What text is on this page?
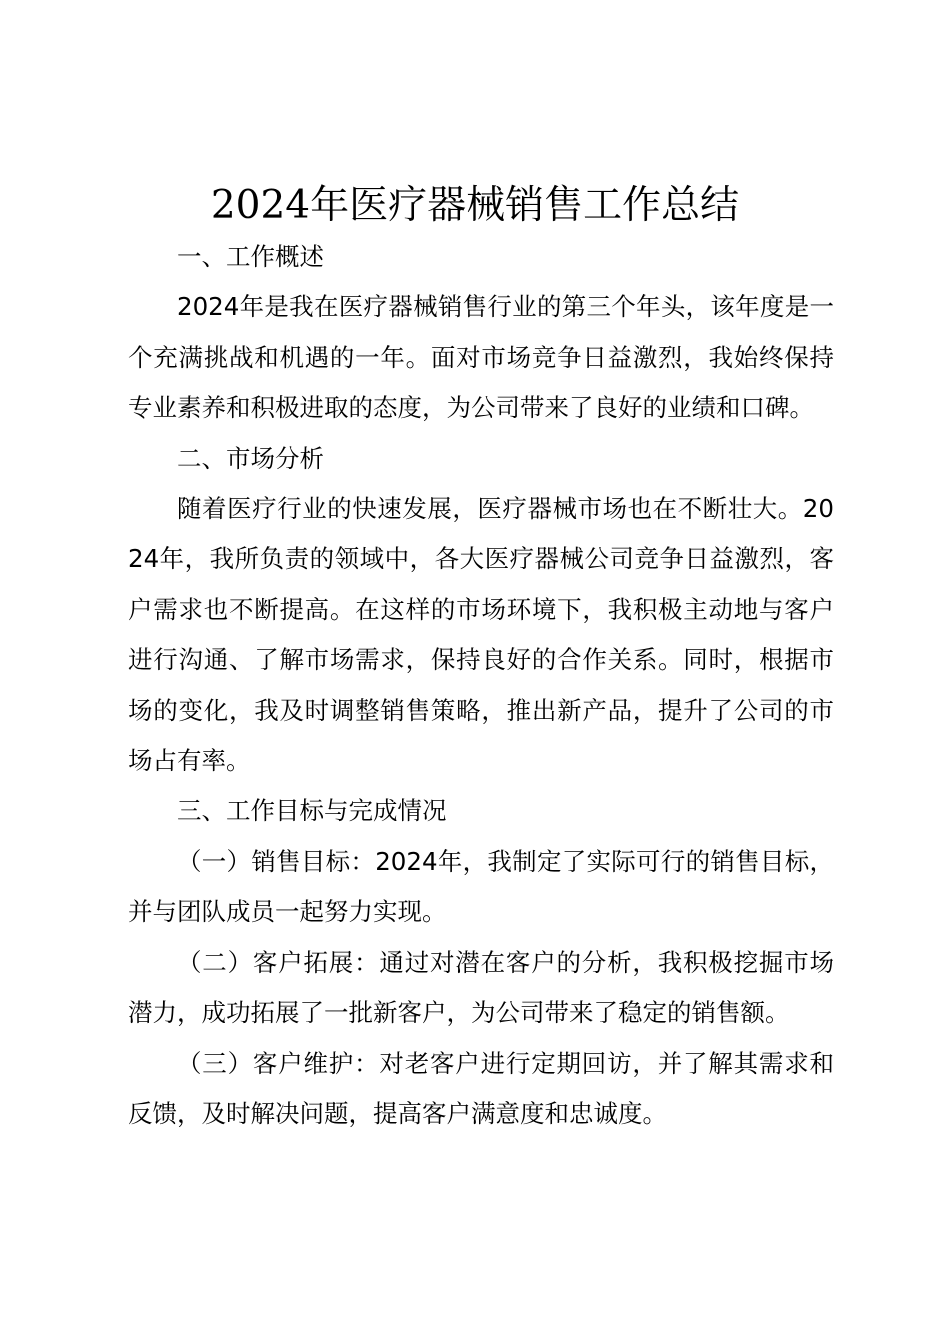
2024年医疗器械销售工作总结

一、工作概述

2024年是我在医疗器械销售行业的第三个年头，该年度是一个充满挑战和机遇的一年。面对市场竞争日益激烈，我始终保持专业素养和积极进取的态度，为公司带来了良好的业绩和口碑。

二、市场分析

随着医疗行业的快速发展，医疗器械市场也在不断壮大。2024年，我所负责的领域中，各大医疗器械公司竞争日益激烈，客户需求也不断提高。在这样的市场环境下，我积极主动地与客户进行沟通、了解市场需求，保持良好的合作关系。同时，根据市场的变化，我及时调整销售策略，推出新产品，提升了公司的市场占有率。

三、工作目标与完成情况

（一）销售目标：2024年，我制定了实际可行的销售目标，并与团队成员一起努力实现。

（二）客户拓展：通过对潜在客户的分析，我积极挖掘市场潜力，成功拓展了一批新客户，为公司带来了稳定的销售额。

（三）客户维护：对老客户进行定期回访，并了解其需求和反馈，及时解决问题，提高客户满意度和忠诚度。
